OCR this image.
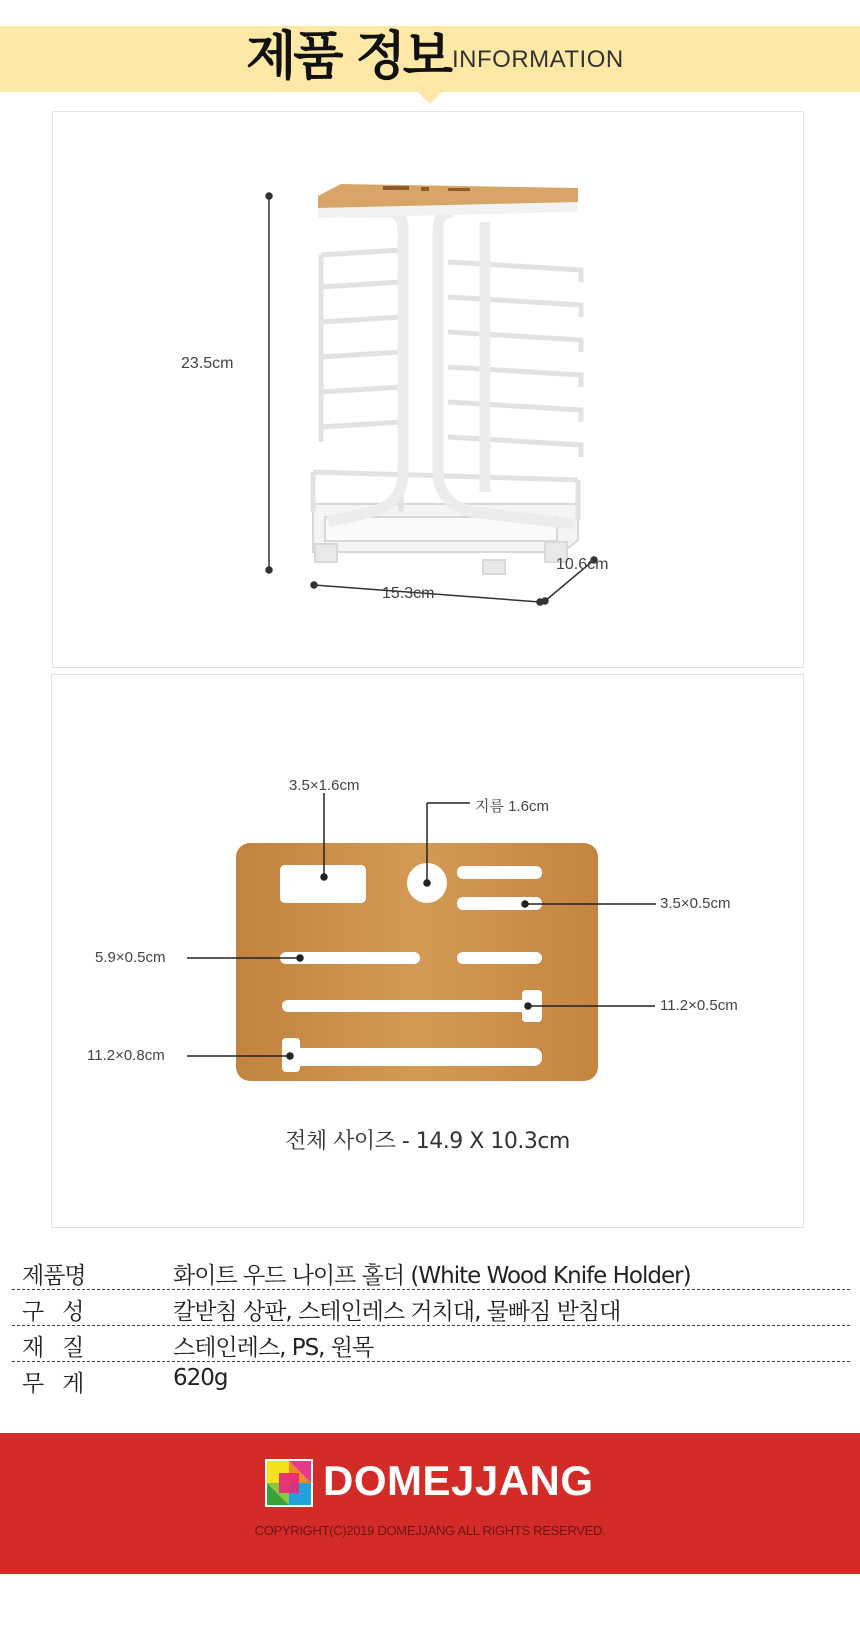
제품 정보 INFORMATION
23.5cm
15.3cm
10.6cm
3.5×1.6cm
지름 1.6cm
3.5×0.5cm
5.9×0.5cm
11.2×0.5cm
11.2×0.8cm
전체 사이즈 - 14.9 X 10.3cm
제품명	화이트 우드 나이프 홀더 (White Wood Knife Holder)
구   성	칼받침 상판, 스테인레스 거치대, 물빠짐 받침대
재   질	스테인레스, PS, 원목
무   게	620g
DOMEJJANG
COPYRIGHT(C)2019 DOMEJJANG ALL RIGHTS RESERVED.
